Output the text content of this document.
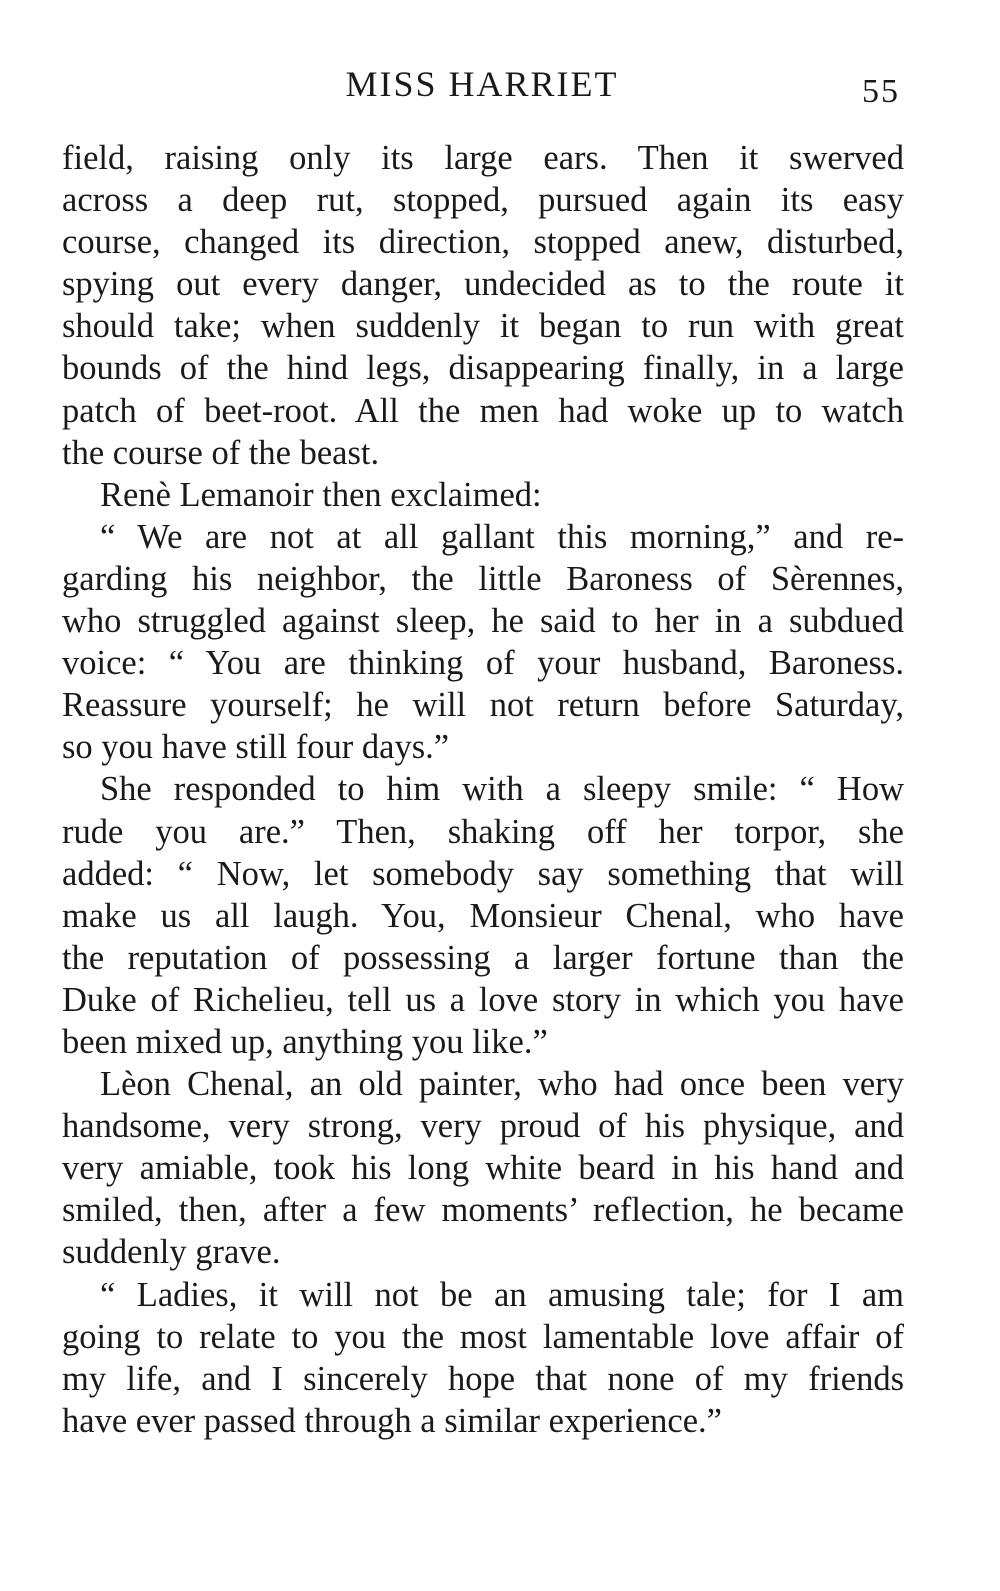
MISS HARRIET	55
field, raising only its large ears. Then it swerved
across a deep rut, stopped, pursued again its easy
course, changed its direction, stopped anew, disturbed,
spying out every danger, undecided as to the route it
should take; when suddenly it began to run with great
bounds of the hind legs, disappearing finally, in a large
patch of beet-root. All the men had woke up to watch
the course of the beast.
Renè Lemanoir then exclaimed:
“ We are not at all gallant this morning,” and re-
garding his neighbor, the little Baroness of Sèrennes,
who struggled against sleep, he said to her in a subdued
voice: “ You are thinking of your husband, Baroness.
Reassure yourself; he will not return before Saturday,
so you have still four days.”
She responded to him with a sleepy smile: “ How
rude you are.” Then, shaking off her torpor, she
added: “ Now, let somebody say something that will
make us all laugh. You, Monsieur Chenal, who have
the reputation of possessing a larger fortune than the
Duke of Richelieu, tell us a love story in which you have
been mixed up, anything you like.”
Lèon Chenal, an old painter, who had once been very
handsome, very strong, very proud of his physique, and
very amiable, took his long white beard in his hand and
smiled, then, after a few moments’ reflection, he became
suddenly grave.
“ Ladies, it will not be an amusing tale; for I am
going to relate to you the most lamentable love affair of
my life, and I sincerely hope that none of my friends
have ever passed through a similar experience.”
